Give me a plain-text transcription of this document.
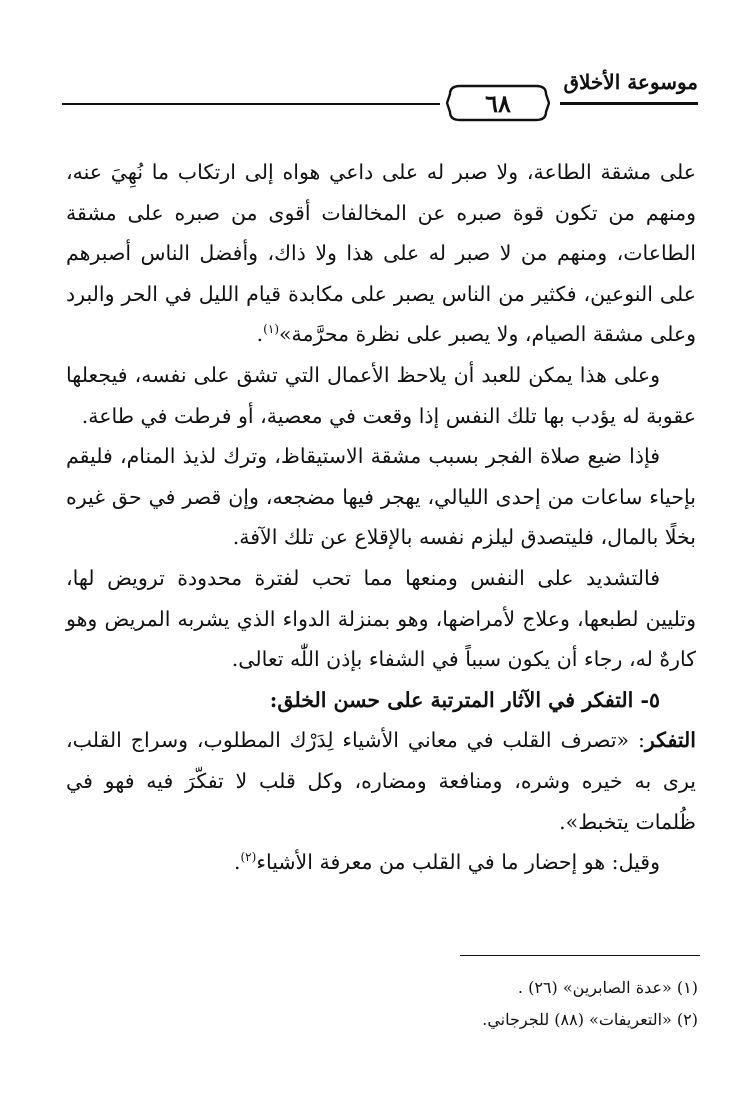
موسوعة الأخلاق
٦٨

على مشقة الطاعة، ولا صبر له على داعي هواه إلى ارتكاب ما نُهِيَ عنه، ومنهم من تكون قوة صبره عن المخالفات أقوى من صبره على مشقة الطاعات، ومنهم من لا صبر له على هذا ولا ذاك، وأفضل الناس أصبرهم على النوعين، فكثير من الناس يصبر على مكابدة قيام الليل في الحر والبرد وعلى مشقة الصيام، ولا يصبر على نظرة محرَّمة»$^{(١)}$.

وعلى هذا يمكن للعبد أن يلاحظ الأعمال التي تشق على نفسه، فيجعلها عقوبة له يؤدب بها تلك النفس إذا وقعت في معصية، أو فرطت في طاعة.

فإذا ضيع صلاة الفجر بسبب مشقة الاستيقاظ، وترك لذيذ المنام، فليقم بإحياء ساعات من إحدى الليالي، يهجر فيها مضجعه، وإن قصر في حق غيره بخلًا بالمال، فليتصدق ليلزم نفسه بالإقلاع عن تلك الآفة.

فالتشديد على النفس ومنعها مما تحب لفترة محدودة ترويض لها، وتليين لطبعها، وعلاج لأمراضها، وهو بمنزلة الدواء الذي يشربه المريض وهو كارهٌ له، رجاء أن يكون سبباً في الشفاء بإذن اللّٰه تعالى.

٥- التفكر في الآثار المترتبة على حسن الخلق:

التفكر: «تصرف القلب في معاني الأشياء لِدَرْك المطلوب، وسراج القلب، يرى به خيره وشره، ومنافعة ومضاره، وكل قلب لا تفكّرَ فيه فهو في ظُلمات يتخبط».

وقيل: هو إحضار ما في القلب من معرفة الأشياء$^{(٢)}$.

(١) «عدة الصابرين» (٢٦) .

(٢) «التعريفات» (٨٨) للجرجاني.
